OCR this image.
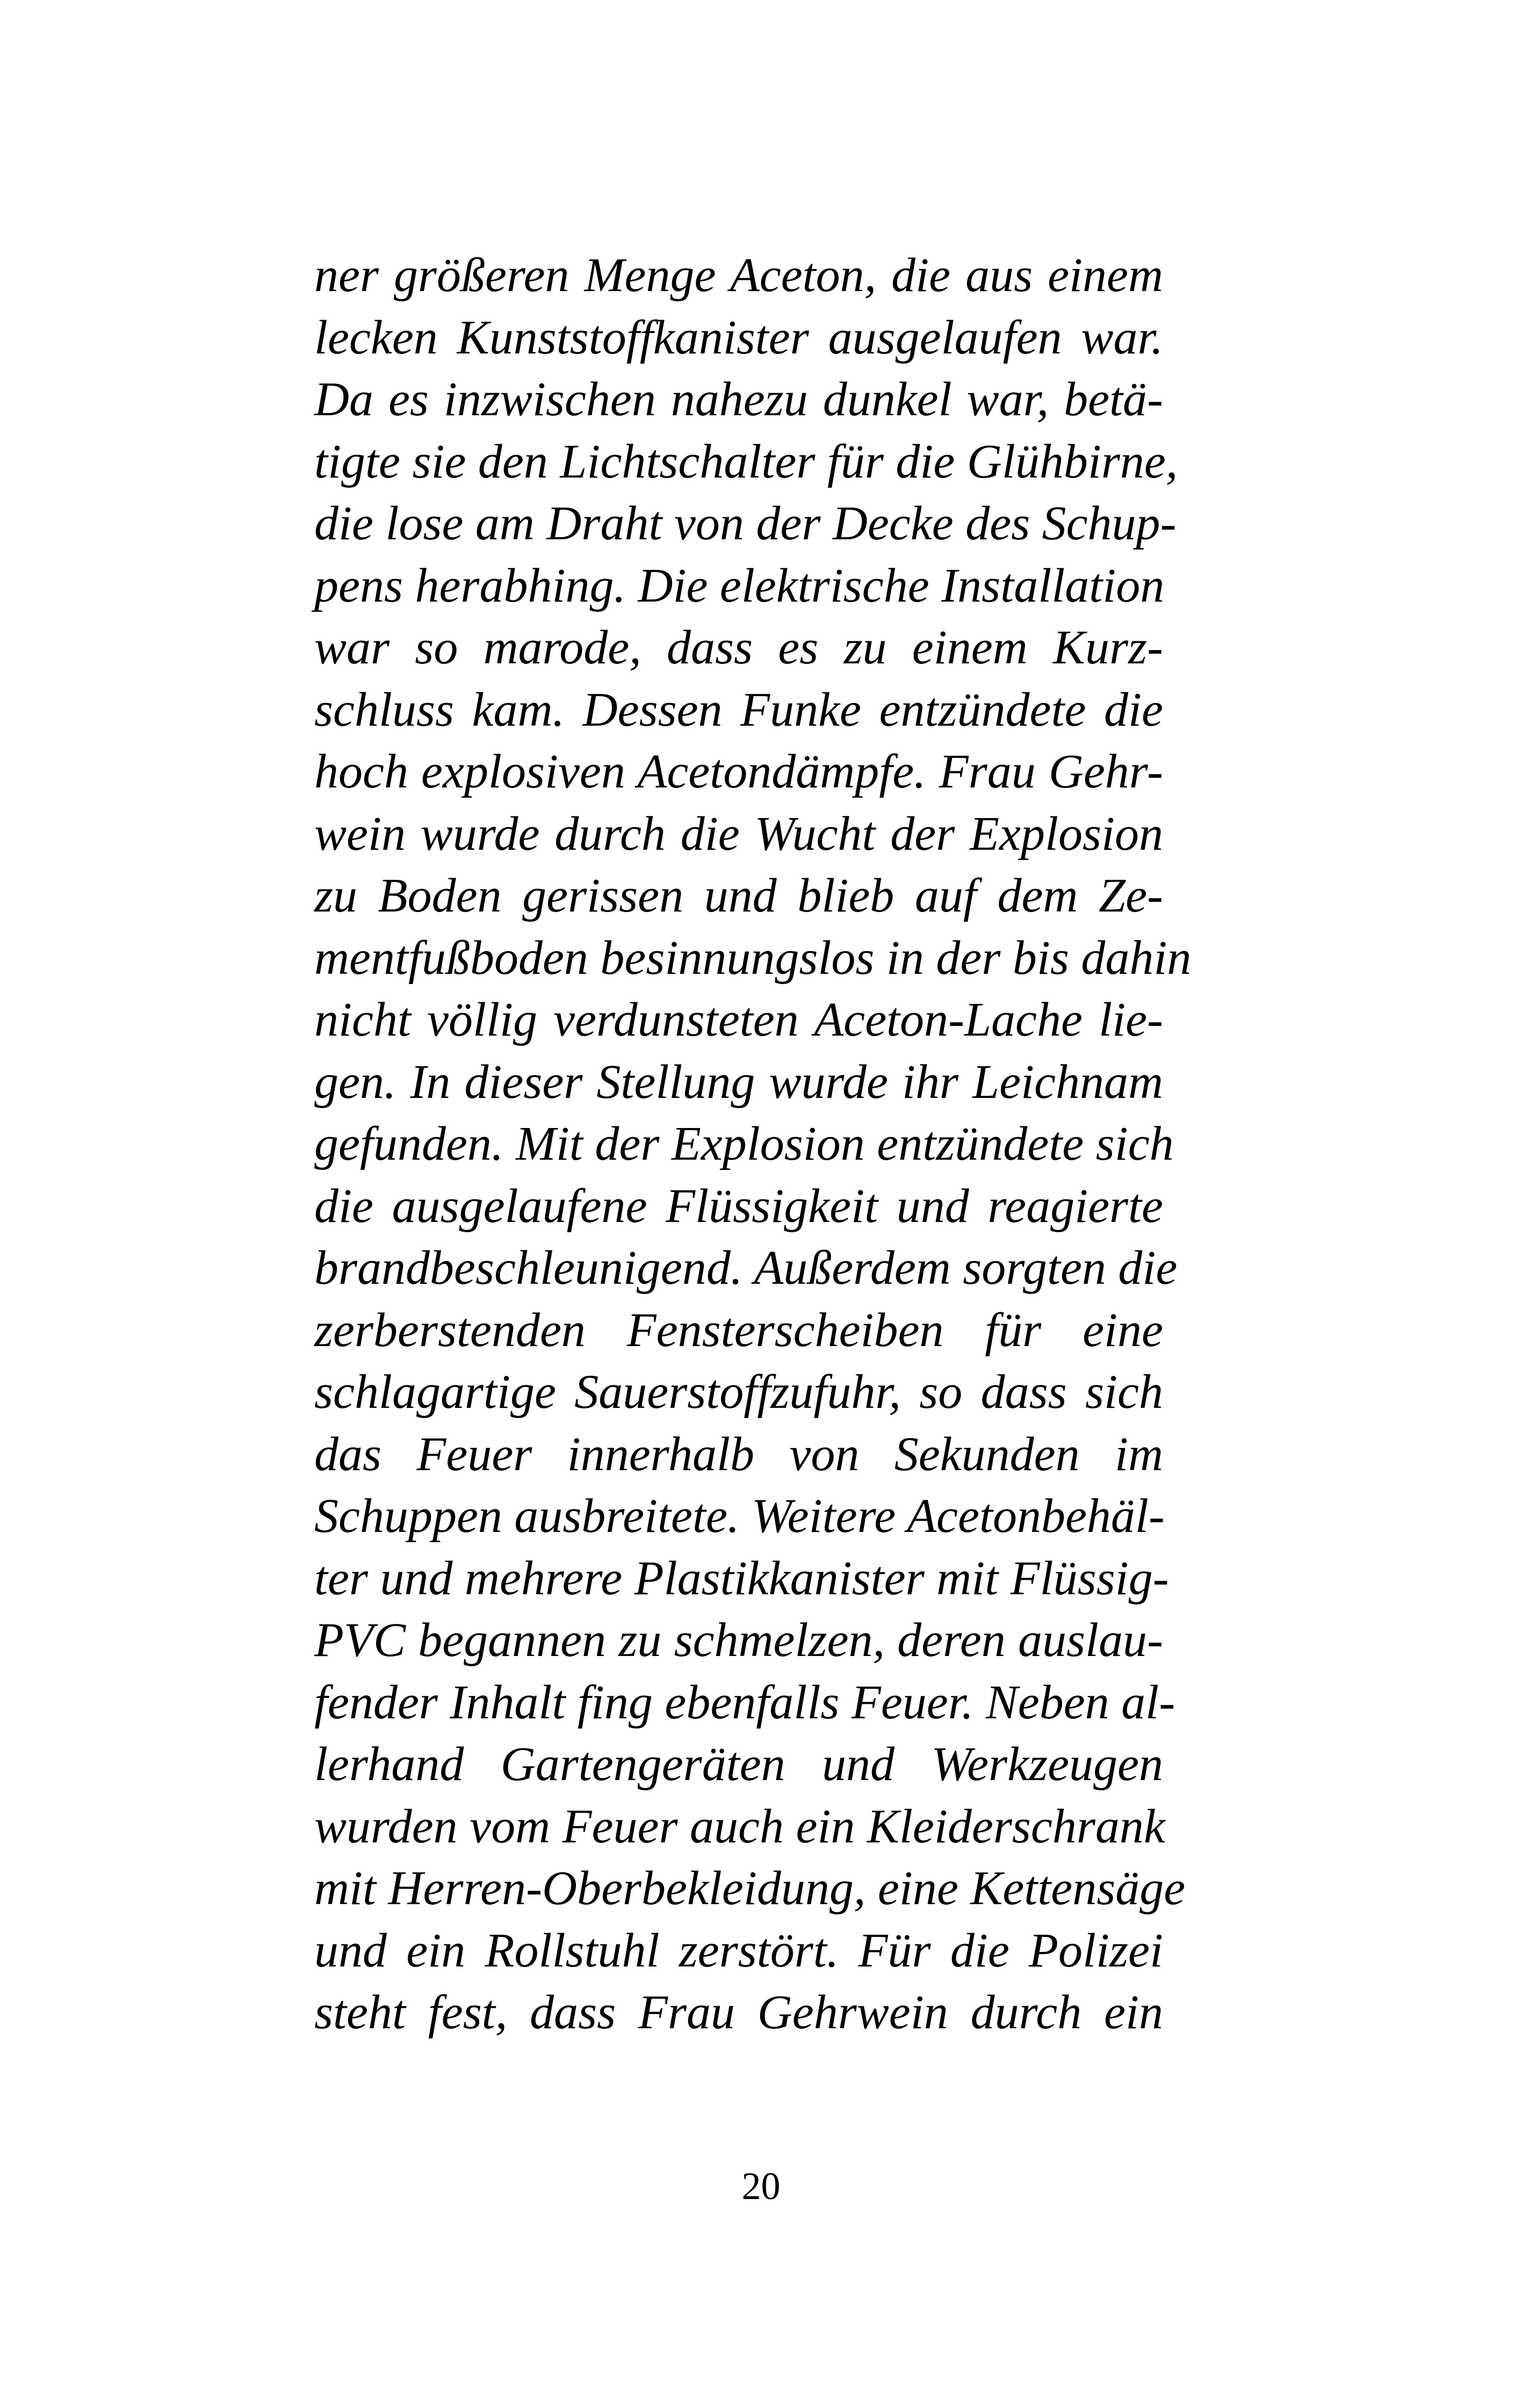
ner größeren Menge Aceton, die aus einem
lecken Kunststoffkanister ausgelaufen war.
Da es inzwischen nahezu dunkel war, betä-
tigte sie den Lichtschalter für die Glühbirne,
die lose am Draht von der Decke des Schup-
pens herabhing. Die elektrische Installation
war so marode, dass es zu einem Kurz-
schluss kam. Dessen Funke entzündete die
hoch explosiven Acetondämpfe. Frau Gehr-
wein wurde durch die Wucht der Explosion
zu Boden gerissen und blieb auf dem Ze-
mentfußboden besinnungslos in der bis dahin
nicht völlig verdunsteten Aceton-Lache lie-
gen. In dieser Stellung wurde ihr Leichnam
gefunden. Mit der Explosion entzündete sich
die ausgelaufene Flüssigkeit und reagierte
brandbeschleunigend. Außerdem sorgten die
zerberstenden Fensterscheiben für eine
schlagartige Sauerstoffzufuhr, so dass sich
das Feuer innerhalb von Sekunden im
Schuppen ausbreitete. Weitere Acetonbehäl-
ter und mehrere Plastikkanister mit Flüssig-
PVC begannen zu schmelzen, deren auslau-
fender Inhalt fing ebenfalls Feuer. Neben al-
lerhand Gartengeräten und Werkzeugen
wurden vom Feuer auch ein Kleiderschrank
mit Herren-Oberbekleidung, eine Kettensäge
und ein Rollstuhl zerstört. Für die Polizei
steht fest, dass Frau Gehrwein durch ein
20
